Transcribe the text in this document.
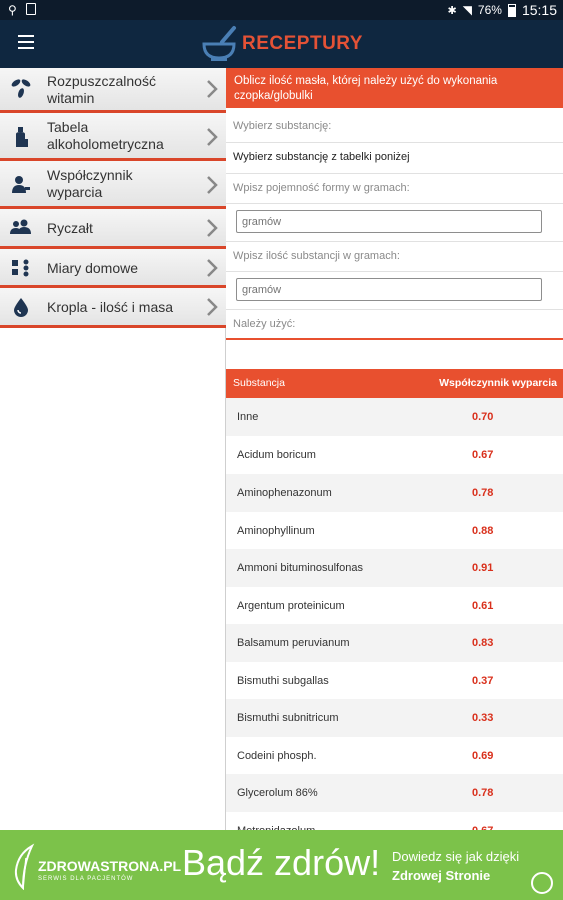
⚲	✱ ◥ 76% 15:15
RECEPTURY
Rozpuszczalność witamin
Tabela alkoholometryczna
Współczynnik wyparcia
Ryczałt
Miary domowe
Kropla - ilość i masa
Oblicz ilość masła, której należy użyć do wykonania czopka/globulki
Wybierz substancję:
Wybierz substancję z tabelki poniżej
Wpisz pojemność formy w gramach:
gramów
Wpisz ilość substancji w gramach:
gramów
Należy użyć:
Substancja	Współczynnik wyparcia
Inne	0.70
Acidum boricum	0.67
Aminophenazonum	0.78
Aminophyllinum	0.88
Ammoni bituminosulfonas	0.91
Argentum proteinicum	0.61
Balsamum peruvianum	0.83
Bismuthi subgallas	0.37
Bismuthi subnitricum	0.33
Codeini phosph.	0.69
Glycerolum 86%	0.78
ZDROWASTRONA.PL
SERWIS DLA PACJENTÓW Bądź zdrów! Dowiedz się jak dzięki
Zdrowej Stronie
